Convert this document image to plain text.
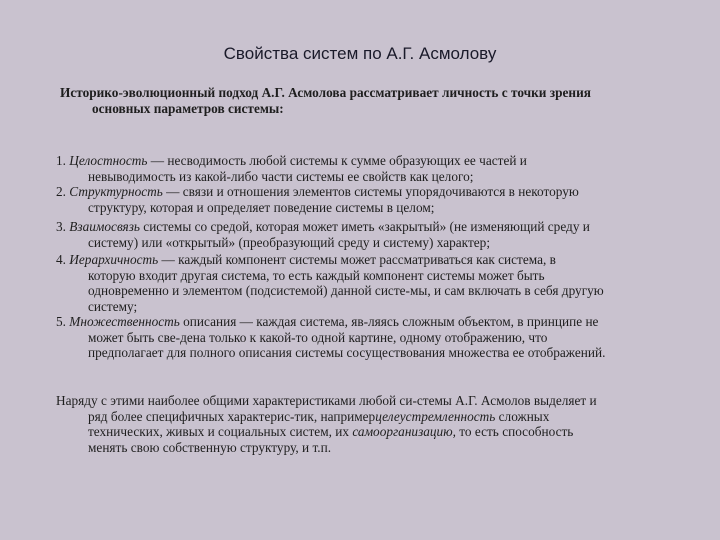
Свойства систем по А.Г. Асмолову
Историко-эволюционный подход А.Г. Асмолова рассматривает личность с точки зрения
основных параметров системы:
1. Целостность — несводимость любой системы к сумме образующих ее частей и
невыводимость из какой-либо части системы ее свойств как целого;
2. Структурность — связи и отношения элементов системы упорядочиваются в некоторую
структуру, которая и определяет поведение системы в целом;
3. Взаимосвязь системы со средой, которая может иметь «закрытый» (не изменяющий среду и
систему) или «открытый» (преобразующий среду и систему) характер;
4. Иерархичность — каждый компонент системы может рассматриваться как система, в
которую входит другая система, то есть каждый компонент системы может быть
одновременно и элементом (подсистемой) данной систе-мы, и сам включать в себя другую
систему;
5. Множественность описания — каждая система, яв-ляясь сложным объектом, в принципе не
может быть све-дена только к какой-то одной картине, одному отображению, что
предполагает для полного описания системы сосуществования множества ее отображений.
Наряду с этими наиболее общими характеристиками любой си-стемы А.Г. Асмолов выделяет и
ряд более специфичных характерис-тик, напримерцелеустремленность сложных
технических, живых и социальных систем, их самоорганизацию, то есть способность
менять свою собственную структуру, и т.п.
